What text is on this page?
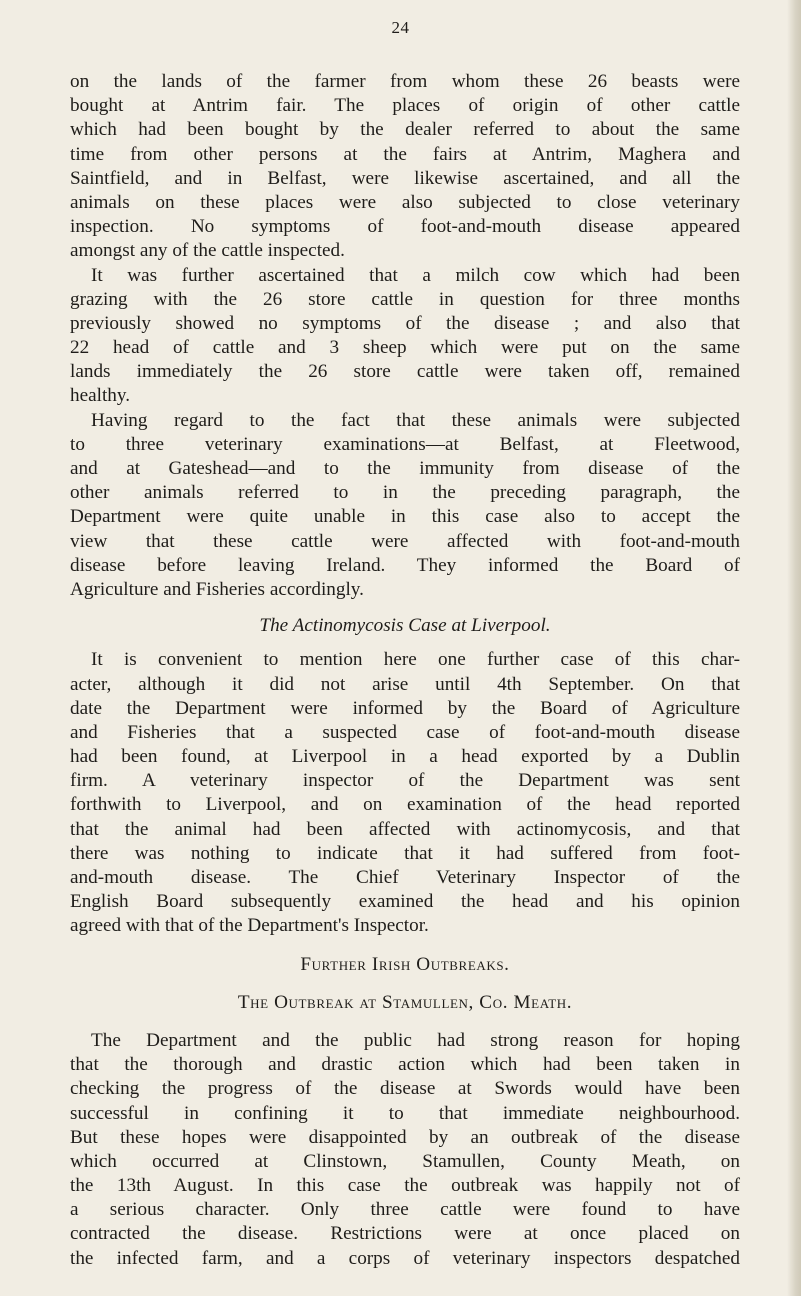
24
on the lands of the farmer from whom these 26 beasts were
bought at Antrim fair. The places of origin of other cattle
which had been bought by the dealer referred to about the same
time from other persons at the fairs at Antrim, Maghera and
Saintfield, and in Belfast, were likewise ascertained, and all the
animals on these places were also subjected to close veterinary
inspection. No symptoms of foot-and-mouth disease appeared
amongst any of the cattle inspected.
It was further ascertained that a milch cow which had been
grazing with the 26 store cattle in question for three months
previously showed no symptoms of the disease ; and also that
22 head of cattle and 3 sheep which were put on the same
lands immediately the 26 store cattle were taken off, remained
healthy.
Having regard to the fact that these animals were subjected
to three veterinary examinations—at Belfast, at Fleetwood,
and at Gateshead—and to the immunity from disease of the
other animals referred to in the preceding paragraph, the
Department were quite unable in this case also to accept the
view that these cattle were affected with foot-and-mouth
disease before leaving Ireland. They informed the Board of
Agriculture and Fisheries accordingly.
The Actinomycosis Case at Liverpool.
It is convenient to mention here one further case of this char-
acter, although it did not arise until 4th September. On that
date the Department were informed by the Board of Agriculture
and Fisheries that a suspected case of foot-and-mouth disease
had been found, at Liverpool in a head exported by a Dublin
firm. A veterinary inspector of the Department was sent
forthwith to Liverpool, and on examination of the head reported
that the animal had been affected with actinomycosis, and that
there was nothing to indicate that it had suffered from foot-
and-mouth disease. The Chief Veterinary Inspector of the
English Board subsequently examined the head and his opinion
agreed with that of the Department's Inspector.
Further Irish Outbreaks.
The Outbreak at Stamullen, Co. Meath.
The Department and the public had strong reason for hoping
that the thorough and drastic action which had been taken in
checking the progress of the disease at Swords would have been
successful in confining it to that immediate neighbourhood.
But these hopes were disappointed by an outbreak of the disease
which occurred at Clinstown, Stamullen, County Meath, on
the 13th August. In this case the outbreak was happily not of
a serious character. Only three cattle were found to have
contracted the disease. Restrictions were at once placed on
the infected farm, and a corps of veterinary inspectors despatched
